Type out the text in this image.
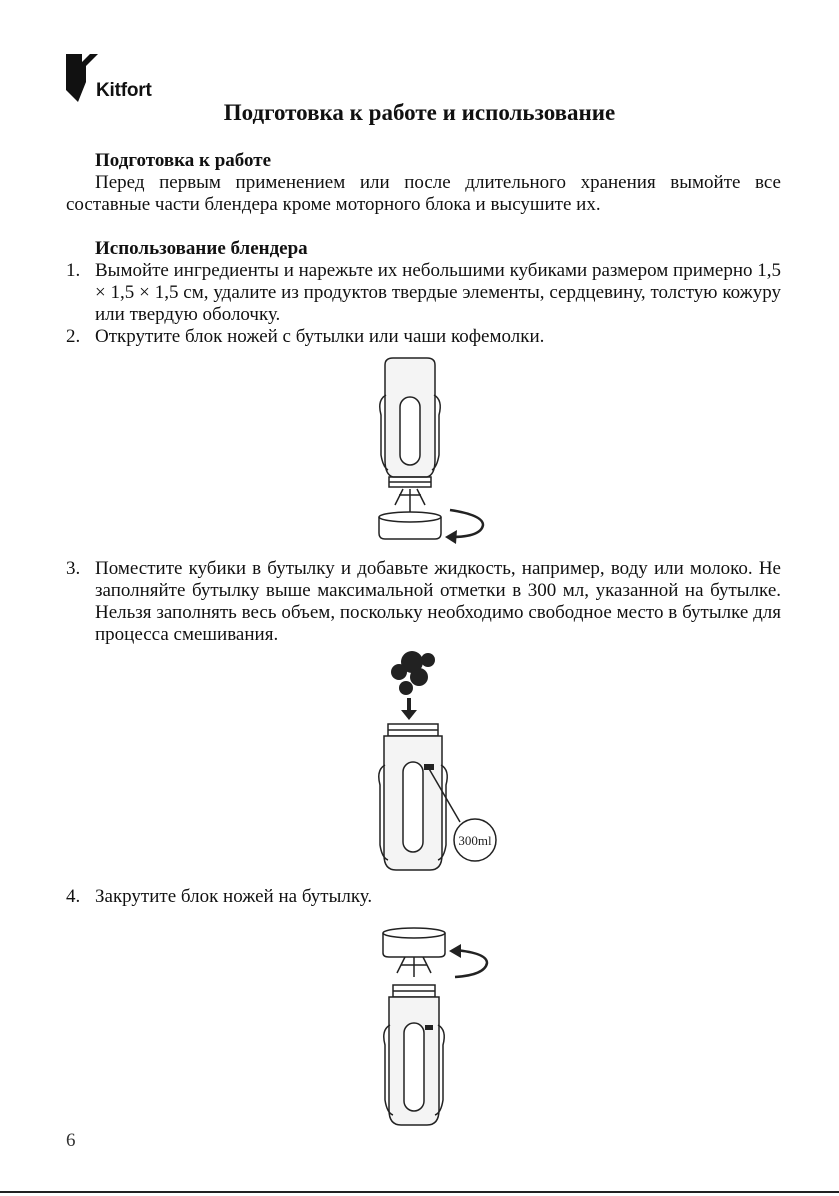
Kitfort
Подготовка к работе и использование

Подготовка к работе

Перед первым применением или после длительного хранения вымойте все составные части блендера кроме моторного блока и высушите их.

Использование блендера

1. Вымойте ингредиенты и нарежьте их небольшими кубиками размером примерно 1,5 × 1,5 × 1,5 см, удалите из продуктов твердые элементы, сердцевину, толстую кожуру или твердую оболочку.

2. Открутите блок ножей с бутылки или чаши кофемолки.

3. Поместите кубики в бутылку и добавьте жидкость, например, воду или молоко. Не заполняйте бутылку выше максимальной отметки в 300 мл, указанной на бутылке. Нельзя заполнять весь объем, поскольку необходимо свободное место в бутылке для процесса смешивания.

300ml
4. Закрутите блок ножей на бутылку.

6
